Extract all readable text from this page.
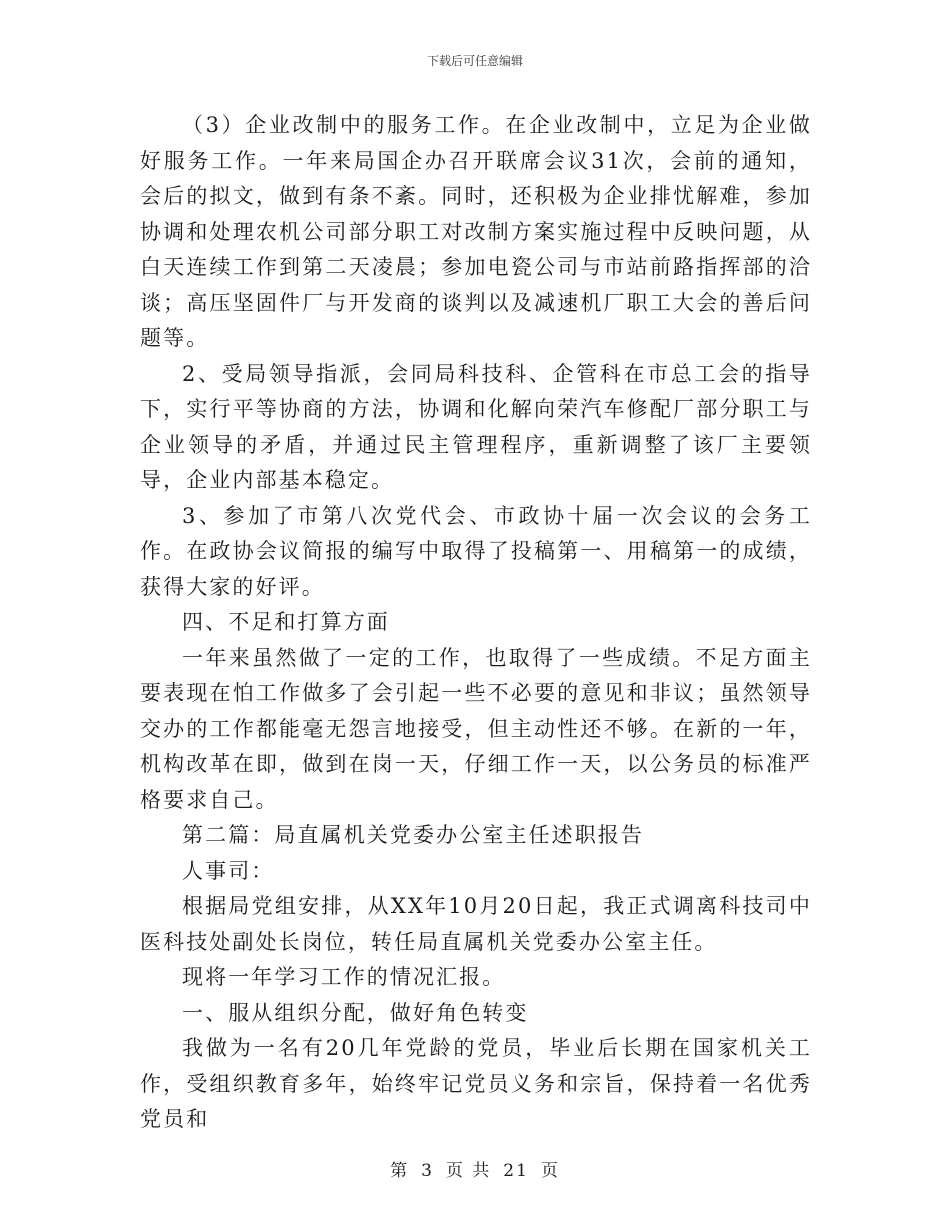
下载后可任意编辑

（3）企业改制中的服务工作。在企业改制中，立足为企业做好服务工作。一年来局国企办召开联席会议31次，会前的通知，会后的拟文，做到有条不紊。同时，还积极为企业排忧解难，参加协调和处理农机公司部分职工对改制方案实施过程中反映问题，从白天连续工作到第二天凌晨；参加电瓷公司与市站前路指挥部的洽谈；高压坚固件厂与开发商的谈判以及减速机厂职工大会的善后问题等。

2、受局领导指派，会同局科技科、企管科在市总工会的指导下，实行平等协商的方法，协调和化解向荣汽车修配厂部分职工与企业领导的矛盾，并通过民主管理程序，重新调整了该厂主要领导，企业内部基本稳定。

3、参加了市第八次党代会、市政协十届一次会议的会务工作。在政协会议简报的编写中取得了投稿第一、用稿第一的成绩，获得大家的好评。

四、不足和打算方面

一年来虽然做了一定的工作，也取得了一些成绩。不足方面主要表现在怕工作做多了会引起一些不必要的意见和非议；虽然领导交办的工作都能毫无怨言地接受，但主动性还不够。在新的一年，机构改革在即，做到在岗一天，仔细工作一天，以公务员的标准严格要求自己。

第二篇：局直属机关党委办公室主任述职报告

人事司：

根据局党组安排，从XX年10月20日起，我正式调离科技司中医科技处副处长岗位，转任局直属机关党委办公室主任。

现将一年学习工作的情况汇报。

一、服从组织分配，做好角色转变

我做为一名有20几年党龄的党员，毕业后长期在国家机关工作，受组织教育多年，始终牢记党员义务和宗旨，保持着一名优秀党员和

第 3 页 共 21 页
